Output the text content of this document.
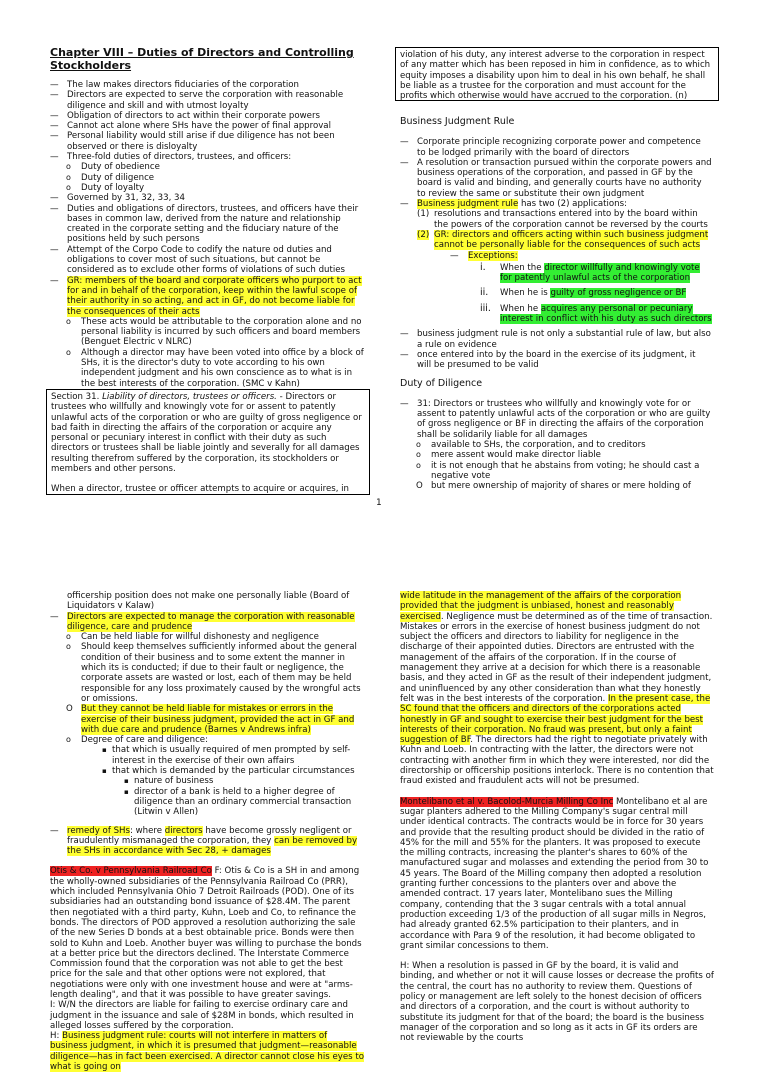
Chapter VIII – Duties of Directors and Controlling Stockholders
— The law makes directors fiduciaries of the corporation
— Directors are expected to serve the corporation with reasonable diligence and skill and with utmost loyalty
— Obligation of directors to act within their corporate powers
— Cannot act alone where SHs have the power of final approval
— Personal liability would still arise if due diligence has not been observed or there is disloyalty
— Three-fold duties of directors, trustees, and officers:
o Duty of obedience
o Duty of diligence
o Duty of loyalty
— Governed by 31, 32, 33, 34
— Duties and obligations of directors, trustees, and officers have their bases in common law, derived from the nature and relationship created in the corporate setting and the fiduciary nature of the positions held by such persons
— Attempt of the Corpo Code to codify the nature od duties and obligations to cover most of such situations, but cannot be considered as to exclude other forms of violations of such duties
— GR: members of the board and corporate officers who purport to act for and in behalf of the corporation, keep within the lawful scope of their authority in so acting, and act in GF, do not become liable for the consequences of their acts
o These acts would be attributable to the corporation alone and no personal liability is incurred by such officers and board members (Benguet Electric v NLRC)
o Although a director may have been voted into office by a block of SHs, it is the director's duty to vote according to his own independent judgment and his own conscience as to what is in the best interests of the corporation. (SMC v Kahn)
Section 31. Liability of directors, trustees or officers. - Directors or trustees who willfully and knowingly vote for or assent to patently unlawful acts of the corporation or who are guilty of gross negligence or bad faith in directing the affairs of the corporation or acquire any personal or pecuniary interest in conflict with their duty as such directors or trustees shall be liable jointly and severally for all damages resulting therefrom suffered by the corporation, its stockholders or members and other persons.
When a director, trustee or officer attempts to acquire or acquires, in
violation of his duty, any interest adverse to the corporation in respect of any matter which has been reposed in him in confidence, as to which equity imposes a disability upon him to deal in his own behalf, he shall be liable as a trustee for the corporation and must account for the profits which otherwise would have accrued to the corporation. (n)
Business Judgment Rule
— Corporate principle recognizing corporate power and competence to be lodged primarily with the board of directors
— A resolution or transaction pursued within the corporate powers and business operations of the corporation, and passed in GF by the board is valid and binding, and generally courts have no authority to review the same or substitute their own judgment
— Business judgment rule has two (2) applications:
(1) resolutions and transactions entered into by the board within the powers of the corporation cannot be reversed by the courts
(2) GR: directors and officers acting within such business judgment cannot be personally liable for the consequences of such acts
— Exceptions:
i. When the director willfully and knowingly vote for patently unlawful acts of the corporation
ii. When he is guilty of gross negligence or BF
iii. When he acquires any personal or pecuniary interest in conflict with his duty as such directors
— business judgment rule is not only a substantial rule of law, but also a rule on evidence
— once entered into by the board in the exercise of its judgment, it will be presumed to be valid
Duty of Diligence
— 31: Directors or trustees who willfully and knowingly vote for or assent to patently unlawful acts of the corporation or who are guilty of gross negligence or BF in directing the affairs of the corporation shall be solidarily liable for all damages
o available to SHs, the corporation, and to creditors
o mere assent would make director liable
o it is not enough that he abstains from voting; he should cast a negative vote
O but mere ownership of majority of shares or mere holding of
1
officership position does not make one personally liable (Board of Liquidators v Kalaw)
— Directors are expected to manage the corporation with reasonable diligence, care and prudence
o Can be held liable for willful dishonesty and negligence
o Should keep themselves sufficiently informed about the general condition of their business and to some extent the manner in which its is conducted; if due to their fault or negligence, the corporate assets are wasted or lost, each of them may be held responsible for any loss proximately caused by the wrongful acts or omissions.
O But they cannot be held liable for mistakes or errors in the exercise of their business judgment, provided the act in GF and with due care and prudence (Barnes v Andrews infra)
o Degree of care and diligence:
▪ that which is usually required of men prompted by self-interest in the exercise of their own affairs
▪ that which is demanded by the particular circumstances
▪ nature of business
▪ director of a bank is held to a higher degree of diligence than an ordinary commercial transaction (Litwin v Allen)
— remedy of SHs: where directors have become grossly negligent or fraudulently mismanaged the corporation, they can be removed by the SHs in accordance with Sec 28, + damages
Otis & Co. v Pennsylvania Railroad Co F: Otis & Co is a SH in and among the wholly-owned subsidiaries of the Pennsylvania Railroad Co (PRR), which included Pennsylvania Ohio 7 Detroit Railroads (POD). One of its subsidiaries had an outstanding bond issuance of $28.4M. The parent then negotiated with a third party, Kuhn, Loeb and Co, to refinance the bonds. The directors of POD approved a resolution authorizing the sale of the new Series D bonds at a best obtainable price. Bonds were then sold to Kuhn and Loeb. Another buyer was willing to purchase the bonds at a better price but the directors declined. The Interstate Commerce Commission found that the corporation was not able to get the best price for the sale and that other options were not explored, that negotiations were only with one investment house and were at "arms-length dealing", and that it was possible to have greater savings.
I: W/N the directors are liable for failing to exercise ordinary care and judgment in the issuance and sale of $28M in bonds, which resulted in alleged losses suffered by the corporation.
H: Business judgment rule: courts will not interfere in matters of business judgment, in which it is presumed that judgment—reasonable diligence—has in fact been exercised. A director cannot close his eyes to what is going on
wide latitude in the management of the affairs of the corporation provided that the judgment is unbiased, honest and reasonably exercised. Negligence must be determined as of the time of transaction. Mistakes or errors in the exercise of honest business judgment do not subject the officers and directors to liability for negligence in the discharge of their appointed duties. Directors are entrusted with the management of the affairs of the corporation. If in the course of management they arrive at a decision for which there is a reasonable basis, and they acted in GF as the result of their independent judgment, and uninfluenced by any other consideration than what they honestly felt was in the best interests of the corporation. In the present case, the SC found that the officers and directors of the corporations acted honestly in GF and sought to exercise their best judgment for the best interests of their corporation. No fraud was present, but only a faint suggestion of BF. The directors had the right to negotiate privately with Kuhn and Loeb. In contracting with the latter, the directors were not contracting with another firm in which they were interested, nor did the directorship or officership positions interlock. There is no contention that fraud existed and fraudulent acts will not be presumed.
Montelibano et al v. Bacolod-Murcia Milling Co Inc Montelibano et al are sugar planters adhered to the Milling Company's sugar central mill under identical contracts. The contracts would be in force for 30 years and provide that the resulting product should be divided in the ratio of 45% for the mill and 55% for the planters. It was proposed to execute the milling contracts, increasing the planter's shares to 60% of the manufactured sugar and molasses and extending the period from 30 to 45 years. The Board of the Milling company then adopted a resolution granting further concessions to the planters over and above the amended contract. 17 years later, Montelibano sues the Milling company, contending that the 3 sugar centrals with a total annual production exceeding 1/3 of the production of all sugar mills in Negros, had already granted 62.5% participation to their planters, and in accordance with Para 9 of the resolution, it had become obligated to grant similar concessions to them.
H: When a resolution is passed in GF by the board, it is valid and binding, and whether or not it will cause losses or decrease the profits of the central, the court has no authority to review them. Questions of policy or management are left solely to the honest decision of officers and directors of a corporation, and the court is without authority to substitute its judgment for that of the board; the board is the business manager of the corporation and so long as it acts in GF its orders are not reviewable by the courts
